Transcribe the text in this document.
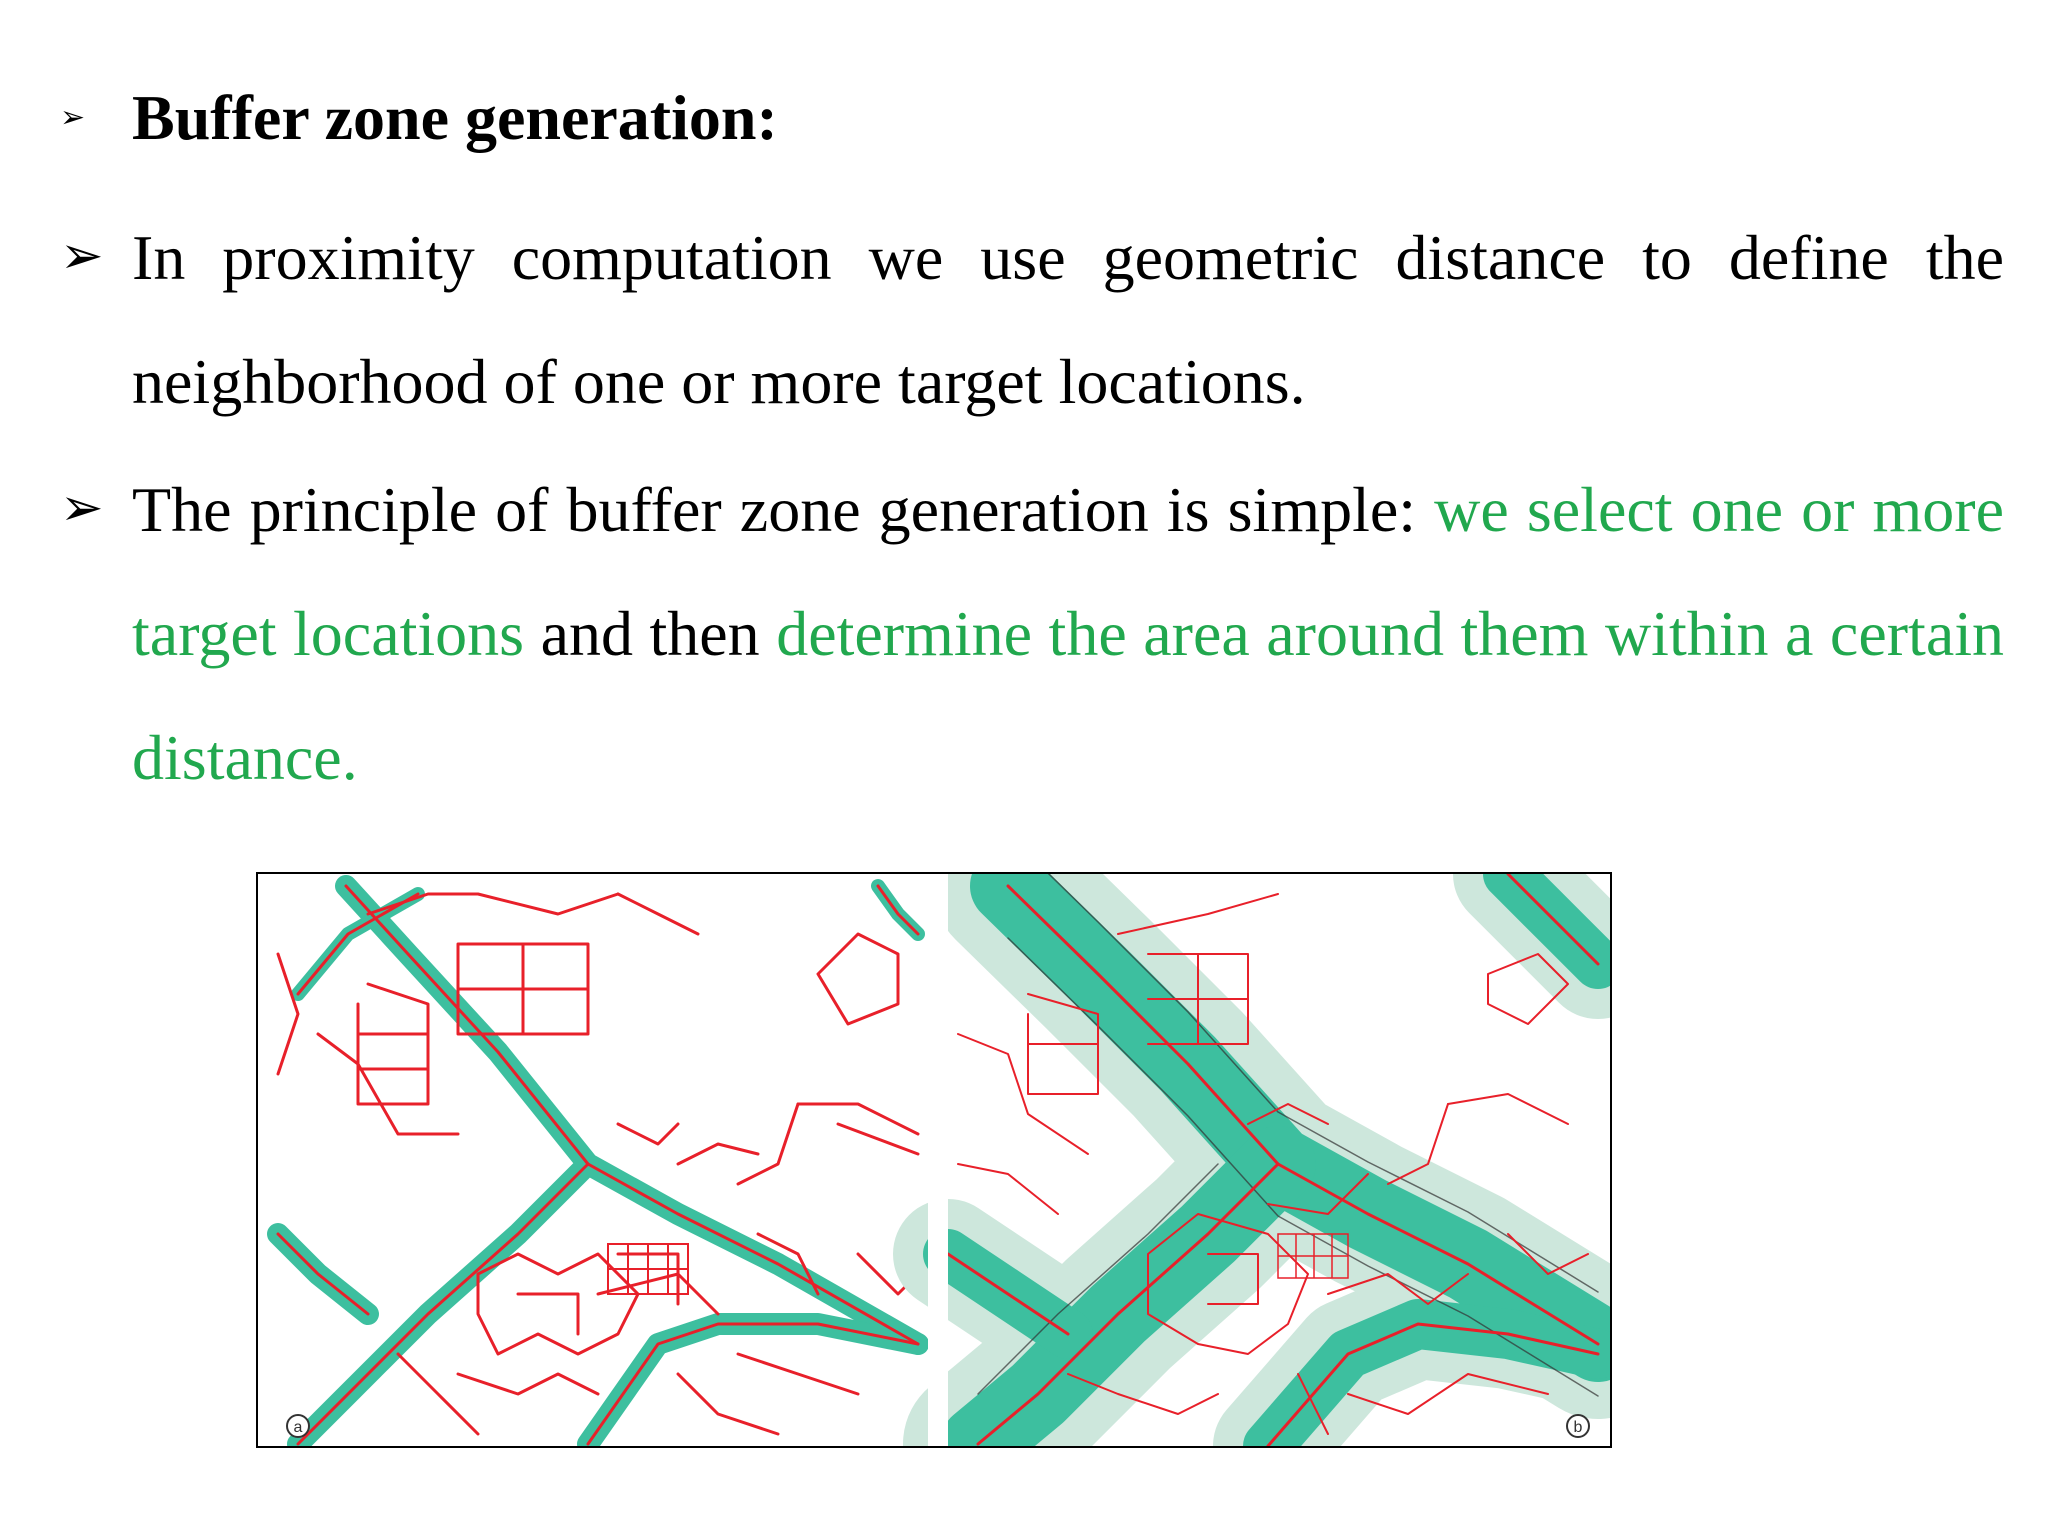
➢ Buffer zone generation:
➢ In proximity computation we use geometric distance to define the neighborhood of one or more target locations.
➢ The principle of buffer zone generation is simple: we select one or more target locations and then determine the area around them within a certain distance.
a	b
